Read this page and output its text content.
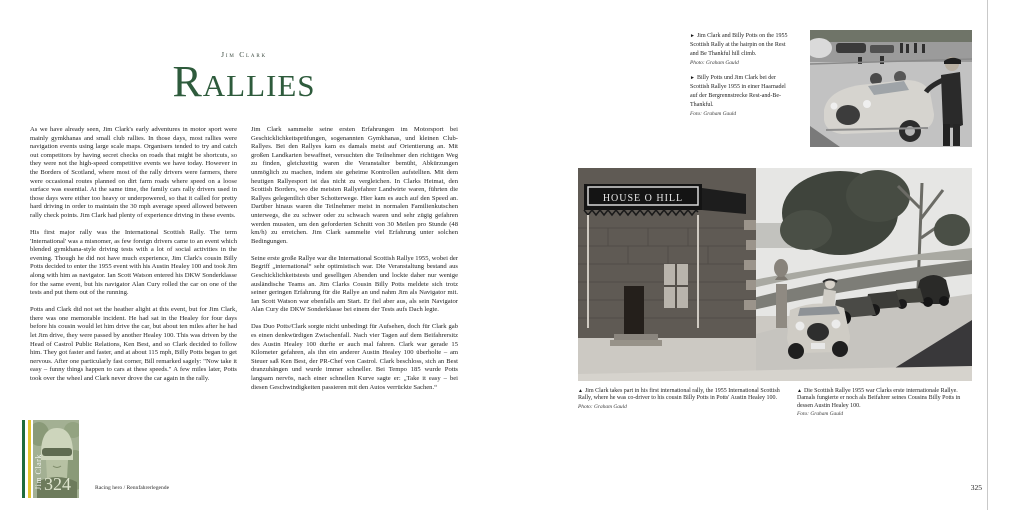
Jim Clark
Rallies

As we have already seen, Jim Clark's early adventures in motor sport were mainly gymkhanas and small club rallies. In those days, most rallies were navigation events using large scale maps. Organisers tended to try and catch out competitors by having secret checks on roads that might be shortcuts, so they were not the high-speed competitive events we have today. However in the Borders of Scotland, where most of the rally drivers were farmers, there were occasional routes planned on dirt farm roads where speed on a loose surface was essential. At the same time, the family cars rally drivers used in those days were either too heavy or underpowered, so that it called for pretty hard driving in order to maintain the 30 mph average speed allowed between rally check points. Jim Clark had plenty of experience driving in these events.

His first major rally was the International Scottish Rally. The term 'International' was a misnomer, as few foreign drivers came to an event which blended gymkhana-style driving tests with a lot of social activities in the evening. Though he did not have much experience, Jim Clark's cousin Billy Potts decided to enter the 1955 event with his Austin Healey 100 and took Jim along with him as navigator. Ian Scott Watson entered his DKW Sonderklasse for the same event, but his navigator Alan Cury rolled the car on one of the tests and put them out of the running.

Potts and Clark did not set the heather alight at this event, but for Jim Clark, there was one memorable incident. He had sat in the Healey for four days before his cousin would let him drive the car, but about ten miles after he had let Jim drive, they were passed by another Healey 100. This was driven by the Head of Castrol Public Relations, Ken Best, and so Clark decided to follow him. They got faster and faster, and at about 115 mph, Billy Potts began to get nervous. After one particularly fast corner, Bill remarked sagely: "Now take it easy – funny things happen to cars at these speeds." A few miles later, Potts took over the wheel and Clark never drove the car again in the rally.

Jim Clark sammelte seine ersten Erfahrungen im Motorsport bei Geschicklichkeitsprüfungen, sogenannten Gymkhanas, und kleinen Club-Rallyes. Bei den Rallyes kam es damals meist auf Orientierung an. Mit großen Landkarten bewaffnet, versuchten die Teilnehmer den richtigen Weg zu finden, gleichzeitig waren die Veranstalter bemüht, Abkürzungen unmöglich zu machen, indem sie geheime Kontrollen aufstellten. Mit dem heutigen Rallyesport ist das nicht zu vergleichen. In Clarks Heimat, den Scottish Borders, wo die meisten Rallyefahrer Landwirte waren, führten die Rallyes gelegentlich über Schotterwege. Hier kam es auch auf den Speed an. Darüber hinaus waren die Teilnehmer meist in normalen Familienkutschen unterwegs, die zu schwer oder zu schwach waren und sehr zügig gefahren werden mussten, um den geforderten Schnitt von 30 Meilen pro Stunde (48 km/h) zu erreichen. Jim Clark sammelte viel Erfahrung unter solchen Bedingungen.

Seine erste große Rallye war die International Scottish Rallye 1955, wobei der Begriff „international“ sehr optimistisch war. Die Veranstaltung bestand aus Geschicklichkeitstests und geselligen Abenden und lockte daher nur wenige ausländische Teams an. Jim Clarks Cousin Billy Potts meldete sich trotz seiner geringen Erfahrung für die Rallye an und nahm Jim als Navigator mit. Ian Scott Watson war ebenfalls am Start. Er fiel aber aus, als sein Navigator Alan Cury die DKW Sonderklasse bei einem der Tests aufs Dach legte.

Das Duo Potts/Clark sorgte nicht unbedingt für Aufsehen, doch für Clark gab es einen denkwürdigen Zwischenfall. Nach vier Tagen auf dem Beifahrersitz des Austin Healey 100 durfte er auch mal fahren. Clark war gerade 15 Kilometer gefahren, als ihn ein anderer Austin Healey 100 überholte – am Steuer saß Ken Best, der PR-Chef von Castrol. Clark beschloss, sich an Best dranzuhängen und wurde immer schneller. Bei Tempo 185 wurde Potts langsam nervös, nach einer schnellen Kurve sagte er: „Take it easy – bei diesen Geschwindigkeiten passieren mit den Autos verrückte Sachen.“

Jim Clark 324	Racing hero / Rennfahrerlegende
► Jim Clark and Billy Potts on the 1955 Scottish Rally at the hairpin on the Rest and Be Thankful hill climb.
Photo: Graham Gauld
► Billy Potts und Jim Clark bei der Scottish Rallye 1955 in einer Haarnadel auf der Bergrennstrecke Rest-and-Be-Thankful.
Foto: Graham Gauld
HOUSE O HILL
▲ Jim Clark takes part in his first international rally, the 1955 International Scottish Rally, where he was co-driver to his cousin Billy Potts in Potts' Austin Healey 100.
Photo: Graham Gauld
▲ Die Scottish Rallye 1955 war Clarks erste internationale Rallye. Damals fungierte er noch als Beifahrer seines Cousins Billy Potts in dessen Austin Healey 100.
Foto: Graham Gauld
325
